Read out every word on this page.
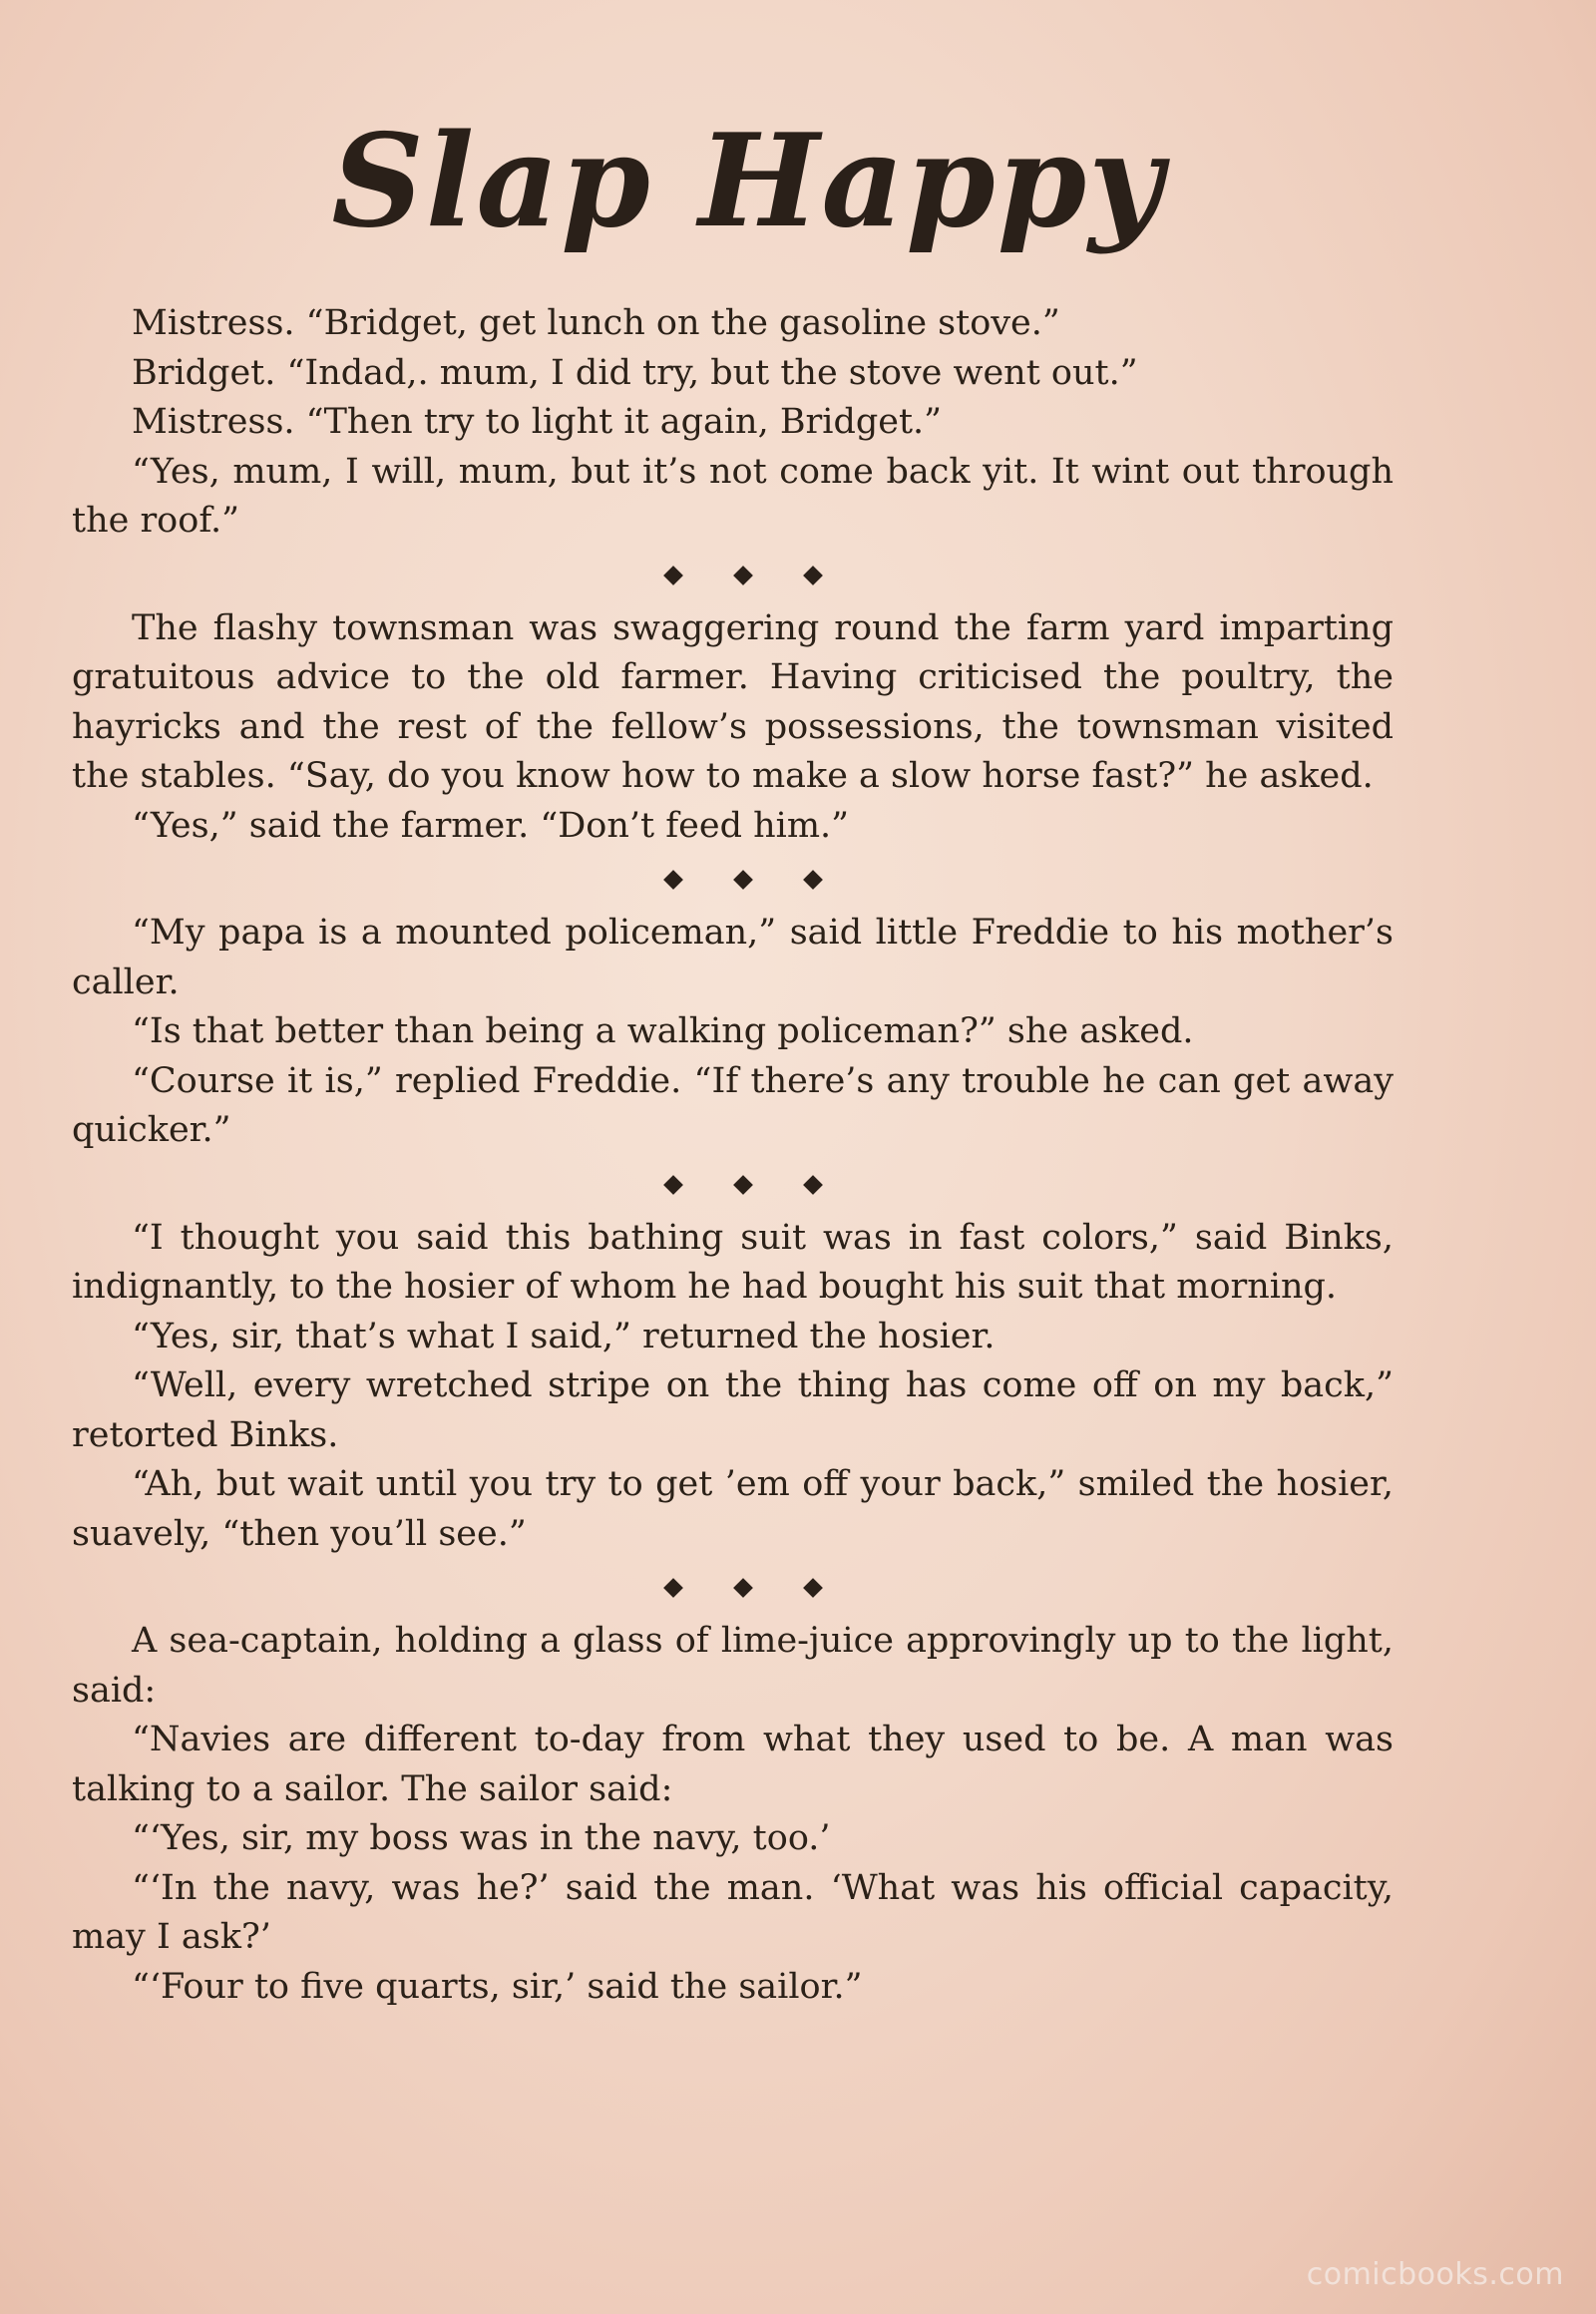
Slap Happy

Mistress. “Bridget, get lunch on the gasoline stove.”

Bridget. “Indad,. mum, I did try, but the stove went out.”

Mistress. “Then try to light it again, Bridget.”

“Yes, mum, I will, mum, but it’s not come back yit. It wint out through the roof.”

The flashy townsman was swaggering round the farm yard imparting gratuitous advice to the old farmer. Having criticised the poultry, the hayricks and the rest of the fellow’s possessions, the townsman visited the stables. “Say, do you know how to make a slow horse fast?” he asked.

“Yes,” said the farmer. “Don’t feed him.”

“My papa is a mounted policeman,” said little Freddie to his mother’s caller.

“Is that better than being a walking policeman?” she asked.

“Course it is,” replied Freddie. “If there’s any trouble he can get away quicker.”

“I thought you said this bathing suit was in fast colors,” said Binks, indignantly, to the hosier of whom he had bought his suit that morning.

“Yes, sir, that’s what I said,” returned the hosier.

“Well, every wretched stripe on the thing has come off on my back,” retorted Binks.

“Ah, but wait until you try to get ’em off your back,” smiled the hosier, suavely, “then you’ll see.”

A sea-captain, holding a glass of lime-juice approvingly up to the light, said:

“Navies are different to-day from what they used to be. A man was talking to a sailor. The sailor said:

“‘Yes, sir, my boss was in the navy, too.’

“‘In the navy, was he?’ said the man. ‘What was his official capacity, may I ask?’

“‘Four to five quarts, sir,’ said the sailor.”

comicbooks.com
